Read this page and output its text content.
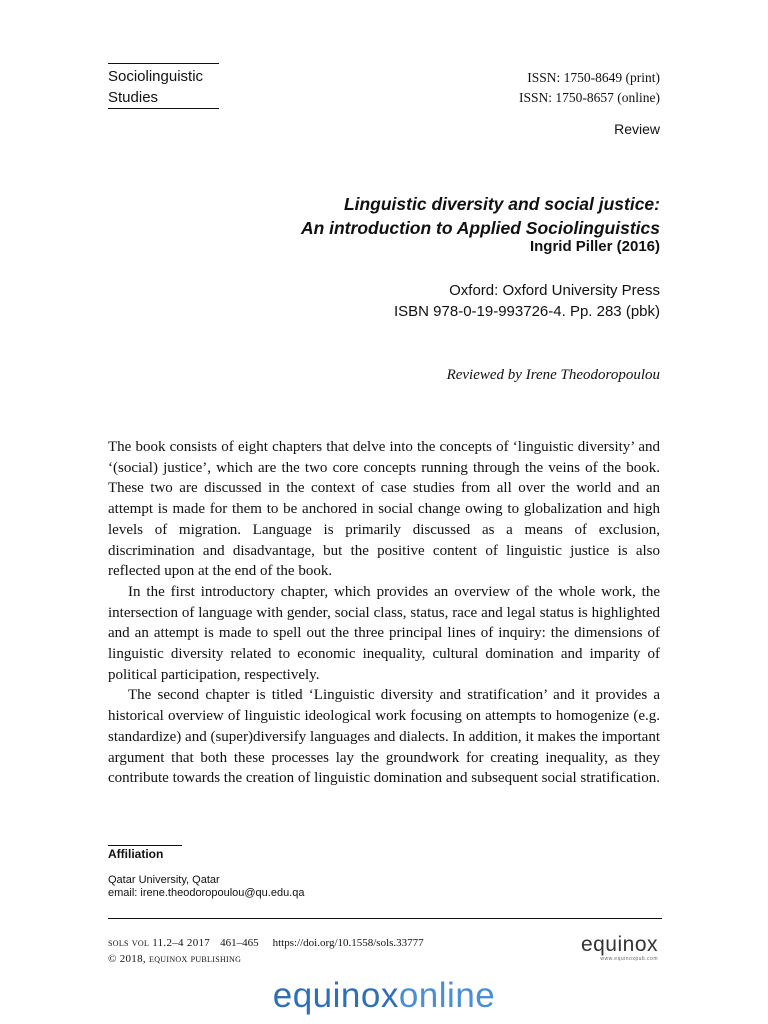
Sociolinguistic
Studies
ISSN: 1750-8649 (print)
ISSN: 1750-8657 (online)
Review
Linguistic diversity and social justice:
An introduction to Applied Sociolinguistics
Ingrid Piller (2016)
Oxford: Oxford University Press
ISBN 978-0-19-993726-4. Pp. 283 (pbk)
Reviewed by Irene Theodoropoulou

The book consists of eight chapters that delve into the concepts of ‘linguistic diversity’ and ‘(social) justice’, which are the two core concepts running through the veins of the book. These two are discussed in the context of case studies from all over the world and an attempt is made for them to be anchored in social change owing to globalization and high levels of migration. Language is primarily discussed as a means of exclusion, discrimination and disadvantage, but the positive content of linguistic justice is also reflected upon at the end of the book.

In the first introductory chapter, which provides an overview of the whole work, the intersection of language with gender, social class, status, race and legal status is highlighted and an attempt is made to spell out the three principal lines of inquiry: the dimensions of linguistic diversity related to economic inequality, cultural domination and imparity of political participation, respectively.

The second chapter is titled ‘Linguistic diversity and stratification’ and it provides a historical overview of linguistic ideological work focusing on attempts to homogenize (e.g. standardize) and (super)diversify languages and dialects. In addition, it makes the important argument that both these processes lay the groundwork for creating inequality, as they contribute towards the creation of linguistic domination and subsequent social stratification.

Affiliation
Qatar University, Qatar
email: irene.theodoropoulou@qu.edu.qa
sols vol 11.2–4 2017 461–465 https://doi.org/10.1558/sols.33777
© 2018, equinox publishing
equinox
www.equinoxpub.com
equinoxonline
